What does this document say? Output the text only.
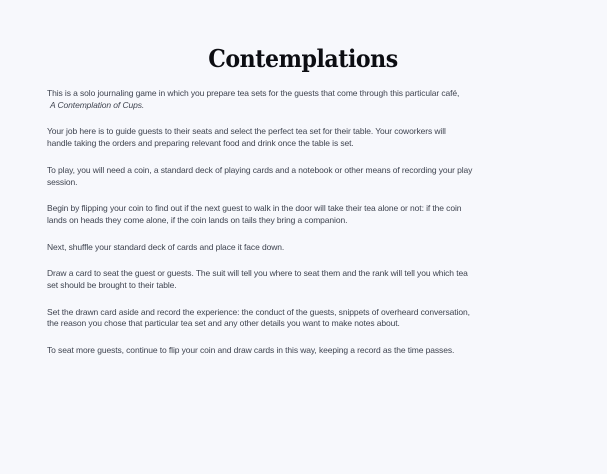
Contemplations
This is a solo journaling game in which you prepare tea sets for the guests that come through this particular café,
A Contemplation of Cups.
Your job here is to guide guests to their seats and select the perfect tea set for their table. Your coworkers will
handle taking the orders and preparing relevant food and drink once the table is set.
To play, you will need a coin, a standard deck of playing cards and a notebook or other means of recording your play
session.
Begin by flipping your coin to find out if the next guest to walk in the door will take their tea alone or not: if the coin
lands on heads they come alone, if the coin lands on tails they bring a companion.
Next, shuffle your standard deck of cards and place it face down.
Draw a card to seat the guest or guests. The suit will tell you where to seat them and the rank will tell you which tea
set should be brought to their table.
Set the drawn card aside and record the experience: the conduct of the guests, snippets of overheard conversation,
the reason you chose that particular tea set and any other details you want to make notes about.
To seat more guests, continue to flip your coin and draw cards in this way, keeping a record as the time passes.
